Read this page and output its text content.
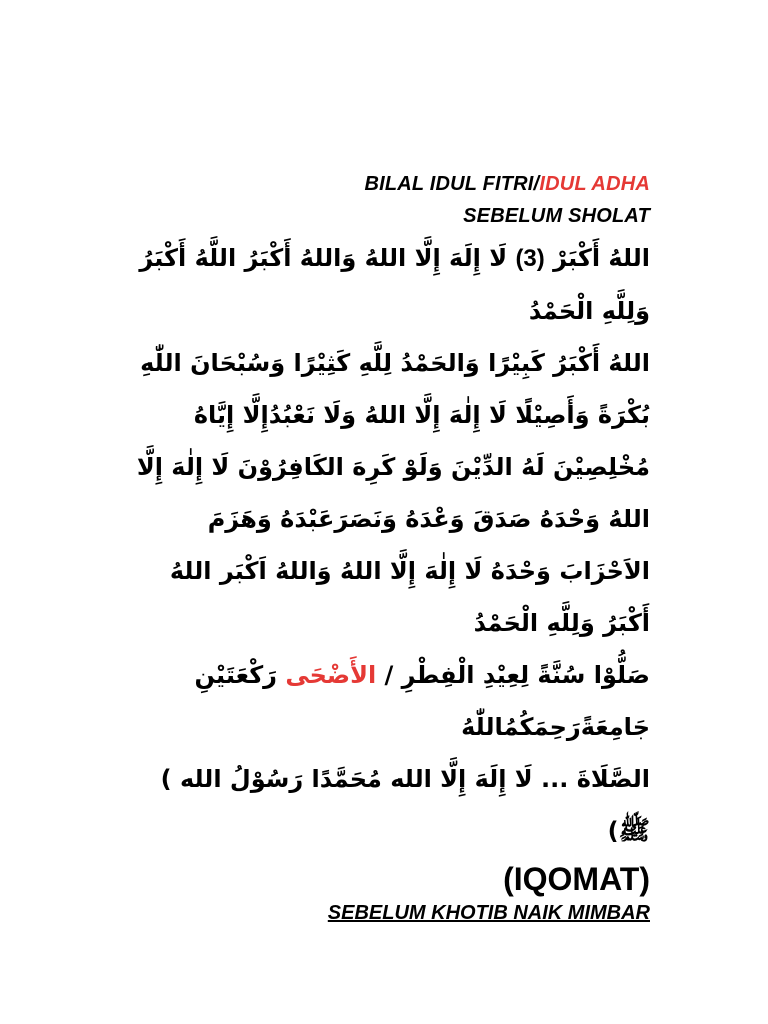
BILAL IDUL FITRI/IDUL ADHA
SEBELUM SHOLAT

اللهُ أَكْبَرْ (3) لَا إِلَهَ إِلَّا اللهُ وَاللهُ أَكْبَرُ اللَّهُ أَكْبَرُ

وَلِلَّهِ الْحَمْدُ

اللهُ أَكْبَرُ كَبِيْرًا وَالحَمْدُ لِلَّهِ كَثِيْرًا وَسُبْحَانَ اللّٰهِ

بُكْرَةً وَأَصِيْلًا لَا إِلٰهَ إِلَّا اللهُ وَلَا نَعْبُدُإِلَّا إِيَّاهُ

مُخْلِصِيْنَ لَهُ الدِّيْنَ وَلَوْ كَرِهَ الكَافِرُوْنَ لَا إِلٰهَ إِلَّا

اللهُ وَحْدَهُ صَدَقَ وَعْدَهُ وَنَصَرَعَبْدَهُ وَهَزَمَ

الاَحْزَابَ وَحْدَهُ لَا إِلٰهَ إِلَّا اللهُ وَاللهُ اَكْبَر اللهُ

أَكْبَرُ وَلِلَّهِ الْحَمْدُ

صَلُّوْا سُنَّةً لِعِيْدِ الْفِطْرِ / الأَضْحَى رَكْعَتَيْنِ

جَامِعَةًرَحِمَكُمُاللّٰهُ

الصَّلَاةَ ... لَا إِلَهَ إِلَّا الله مُحَمَّدًا رَسُوْلُ الله )

ﷺ)

(IQOMAT)
SEBELUM KHOTIB NAIK MIMBAR
